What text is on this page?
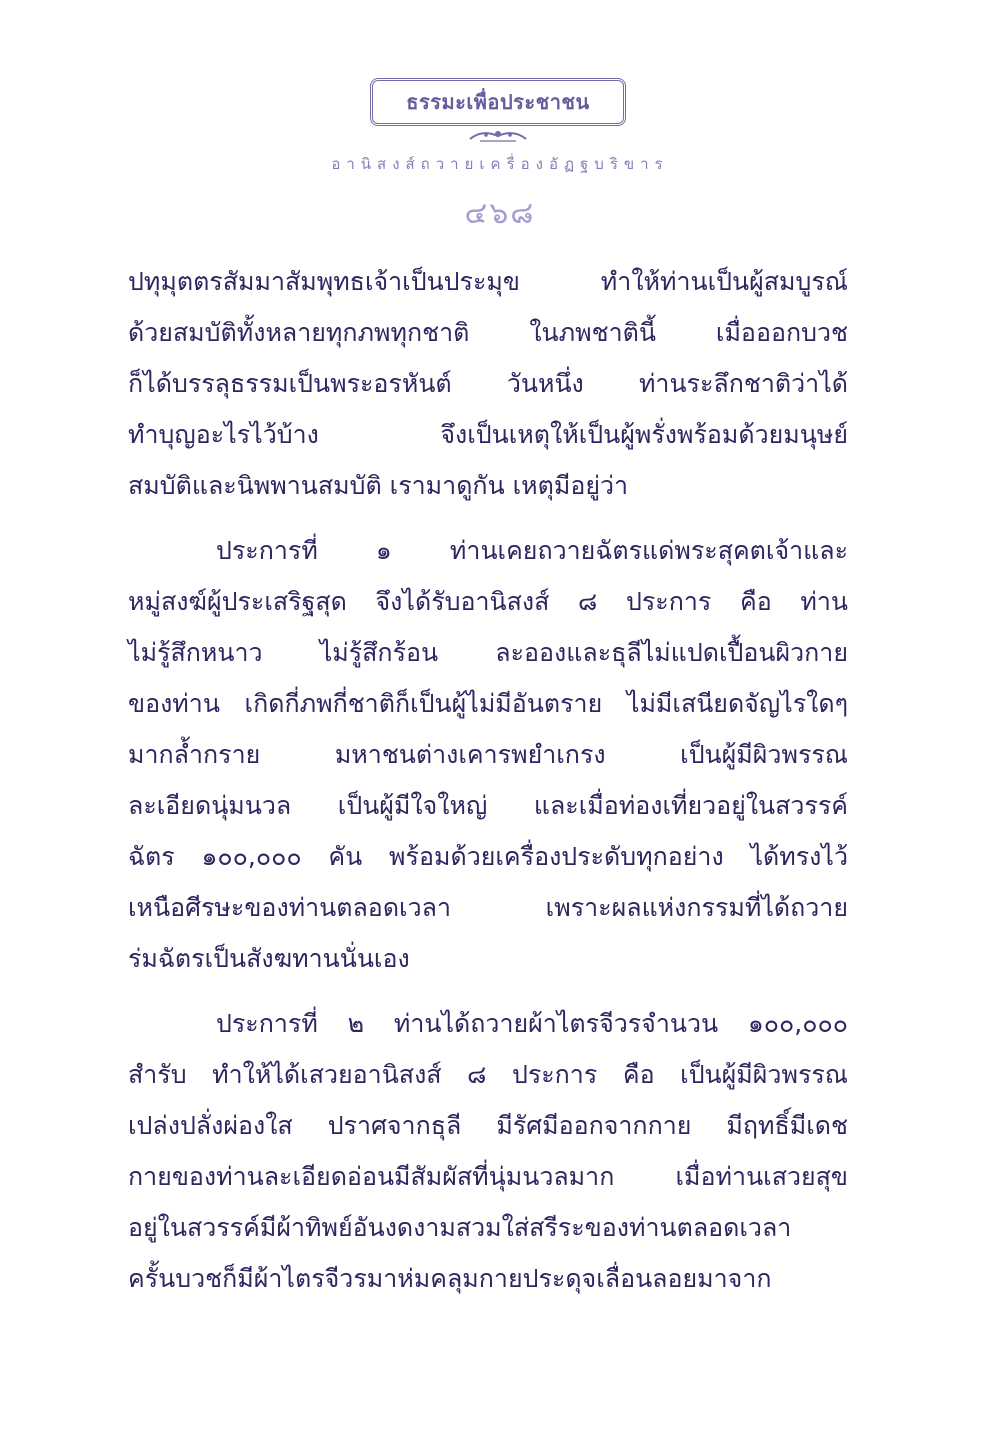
ธรรมะเพื่อประชาชน
อานิสงส์ถวายเครื่องอัฏฐบริขาร
๔๖๘
ปทุมุตตรสัมมาสัมพุทธเจ้าเป็นประมุข ทำให้ท่านเป็นผู้สมบูรณ์
ด้วยสมบัติทั้งหลายทุกภพทุกชาติ ในภพชาตินี้ เมื่อออกบวช
ก็ได้บรรลุธรรมเป็นพระอรหันต์ วันหนึ่ง ท่านระลึกชาติว่าได้
ทำบุญอะไรไว้บ้าง จึงเป็นเหตุให้เป็นผู้พรั่งพร้อมด้วยมนุษย์
สมบัติและนิพพานสมบัติ เรามาดูกัน เหตุมีอยู่ว่า
ประการที่ ๑ ท่านเคยถวายฉัตรแด่พระสุคตเจ้าและ
หมู่สงฆ์ผู้ประเสริฐสุด จึงได้รับอานิสงส์ ๘ ประการ คือ ท่าน
ไม่รู้สึกหนาว ไม่รู้สึกร้อน ละอองและธุลีไม่แปดเปื้อนผิวกาย
ของท่าน เกิดกี่ภพกี่ชาติก็เป็นผู้ไม่มีอันตราย ไม่มีเสนียดจัญไรใดๆ
มากล้ำกราย มหาชนต่างเคารพยำเกรง เป็นผู้มีผิวพรรณ
ละเอียดนุ่มนวล เป็นผู้มีใจใหญ่ และเมื่อท่องเที่ยวอยู่ในสวรรค์
ฉัตร ๑๐๐,๐๐๐ คัน พร้อมด้วยเครื่องประดับทุกอย่าง ได้ทรงไว้
เหนือศีรษะของท่านตลอดเวลา เพราะผลแห่งกรรมที่ได้ถวาย
ร่มฉัตรเป็นสังฆทานนั่นเอง
ประการที่ ๒ ท่านได้ถวายผ้าไตรจีวรจำนวน ๑๐๐,๐๐๐
สำรับ ทำให้ได้เสวยอานิสงส์ ๘ ประการ คือ เป็นผู้มีผิวพรรณ
เปล่งปลั่งผ่องใส ปราศจากธุลี มีรัศมีออกจากกาย มีฤทธิ์มีเดช
กายของท่านละเอียดอ่อนมีสัมผัสที่นุ่มนวลมาก เมื่อท่านเสวยสุข
อยู่ในสวรรค์มีผ้าทิพย์อันงดงามสวมใส่สรีระของท่านตลอดเวลา
ครั้นบวชก็มีผ้าไตรจีวรมาห่มคลุมกายประดุจเลื่อนลอยมาจาก
